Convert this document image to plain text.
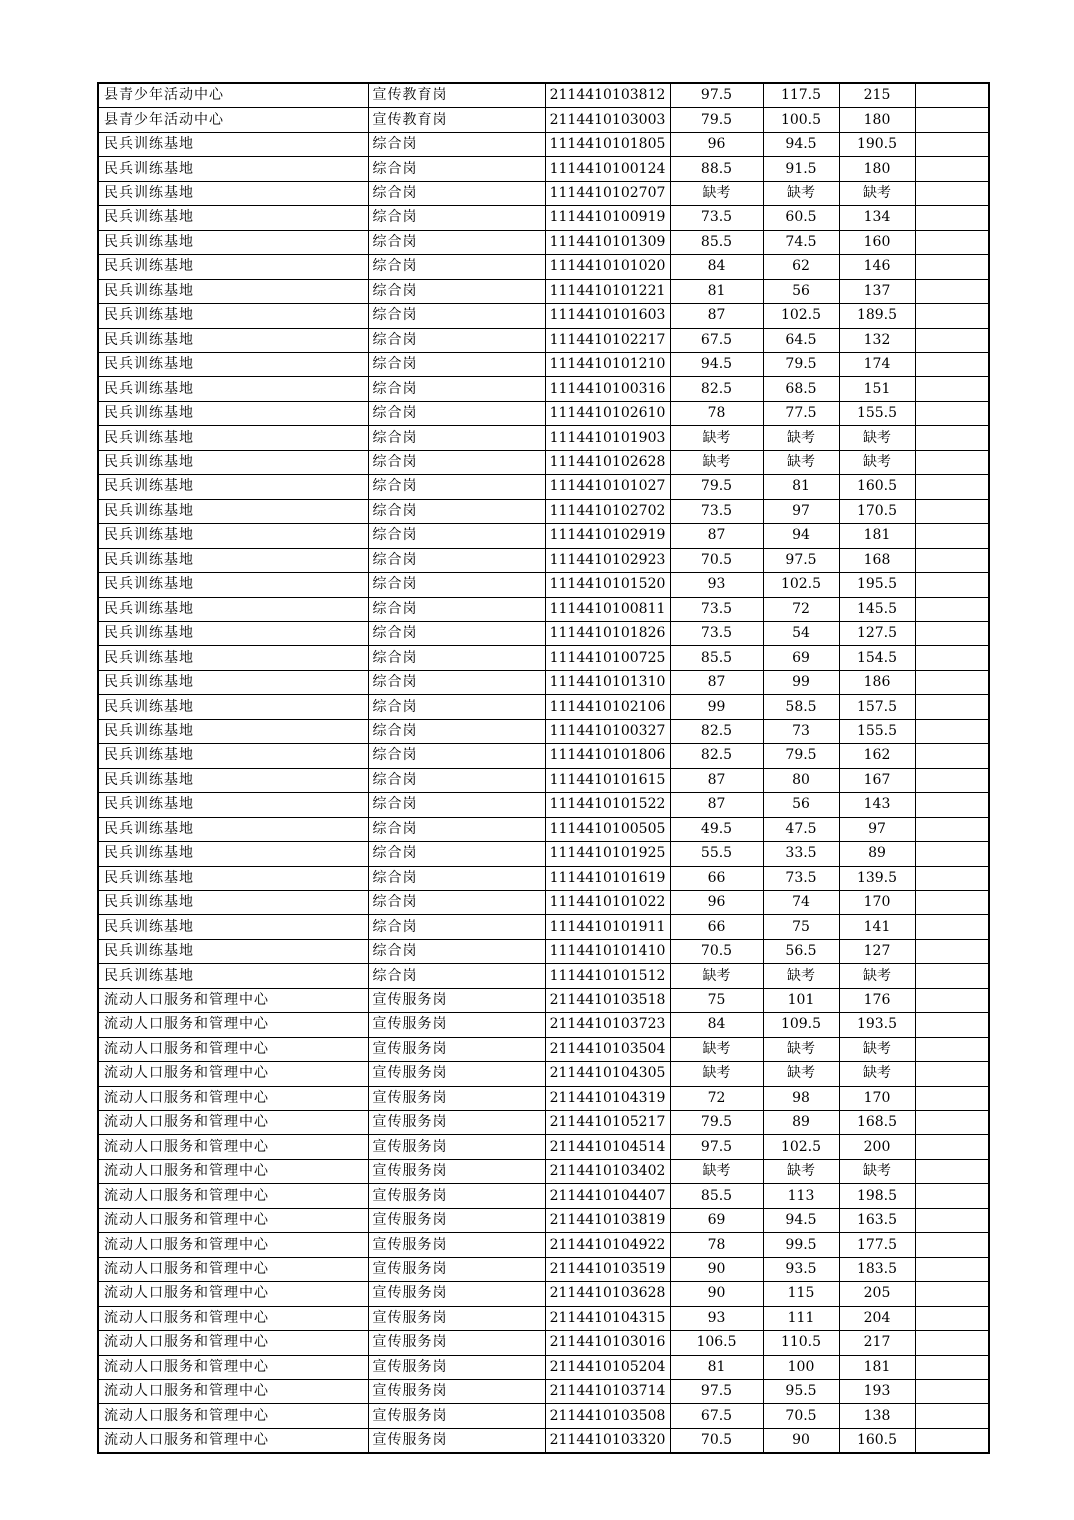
县青少年活动中心	宣传教育岗	2114410103812	97.5	117.5	215	
县青少年活动中心	宣传教育岗	2114410103003	79.5	100.5	180	
民兵训练基地	综合岗	1114410101805	96	94.5	190.5	
民兵训练基地	综合岗	1114410100124	88.5	91.5	180	
民兵训练基地	综合岗	1114410102707	缺考	缺考	缺考	
民兵训练基地	综合岗	1114410100919	73.5	60.5	134	
民兵训练基地	综合岗	1114410101309	85.5	74.5	160	
民兵训练基地	综合岗	1114410101020	84	62	146	
民兵训练基地	综合岗	1114410101221	81	56	137	
民兵训练基地	综合岗	1114410101603	87	102.5	189.5	
民兵训练基地	综合岗	1114410102217	67.5	64.5	132	
民兵训练基地	综合岗	1114410101210	94.5	79.5	174	
民兵训练基地	综合岗	1114410100316	82.5	68.5	151	
民兵训练基地	综合岗	1114410102610	78	77.5	155.5	
民兵训练基地	综合岗	1114410101903	缺考	缺考	缺考	
民兵训练基地	综合岗	1114410102628	缺考	缺考	缺考	
民兵训练基地	综合岗	1114410101027	79.5	81	160.5	
民兵训练基地	综合岗	1114410102702	73.5	97	170.5	
民兵训练基地	综合岗	1114410102919	87	94	181	
民兵训练基地	综合岗	1114410102923	70.5	97.5	168	
民兵训练基地	综合岗	1114410101520	93	102.5	195.5	
民兵训练基地	综合岗	1114410100811	73.5	72	145.5	
民兵训练基地	综合岗	1114410101826	73.5	54	127.5	
民兵训练基地	综合岗	1114410100725	85.5	69	154.5	
民兵训练基地	综合岗	1114410101310	87	99	186	
民兵训练基地	综合岗	1114410102106	99	58.5	157.5	
民兵训练基地	综合岗	1114410100327	82.5	73	155.5	
民兵训练基地	综合岗	1114410101806	82.5	79.5	162	
民兵训练基地	综合岗	1114410101615	87	80	167	
民兵训练基地	综合岗	1114410101522	87	56	143	
民兵训练基地	综合岗	1114410100505	49.5	47.5	97	
民兵训练基地	综合岗	1114410101925	55.5	33.5	89	
民兵训练基地	综合岗	1114410101619	66	73.5	139.5	
民兵训练基地	综合岗	1114410101022	96	74	170	
民兵训练基地	综合岗	1114410101911	66	75	141	
民兵训练基地	综合岗	1114410101410	70.5	56.5	127	
民兵训练基地	综合岗	1114410101512	缺考	缺考	缺考	
流动人口服务和管理中心	宣传服务岗	2114410103518	75	101	176	
流动人口服务和管理中心	宣传服务岗	2114410103723	84	109.5	193.5	
流动人口服务和管理中心	宣传服务岗	2114410103504	缺考	缺考	缺考	
流动人口服务和管理中心	宣传服务岗	2114410104305	缺考	缺考	缺考	
流动人口服务和管理中心	宣传服务岗	2114410104319	72	98	170	
流动人口服务和管理中心	宣传服务岗	2114410105217	79.5	89	168.5	
流动人口服务和管理中心	宣传服务岗	2114410104514	97.5	102.5	200	
流动人口服务和管理中心	宣传服务岗	2114410103402	缺考	缺考	缺考	
流动人口服务和管理中心	宣传服务岗	2114410104407	85.5	113	198.5	
流动人口服务和管理中心	宣传服务岗	2114410103819	69	94.5	163.5	
流动人口服务和管理中心	宣传服务岗	2114410104922	78	99.5	177.5	
流动人口服务和管理中心	宣传服务岗	2114410103519	90	93.5	183.5	
流动人口服务和管理中心	宣传服务岗	2114410103628	90	115	205	
流动人口服务和管理中心	宣传服务岗	2114410104315	93	111	204	
流动人口服务和管理中心	宣传服务岗	2114410103016	106.5	110.5	217	
流动人口服务和管理中心	宣传服务岗	2114410105204	81	100	181	
流动人口服务和管理中心	宣传服务岗	2114410103714	97.5	95.5	193	
流动人口服务和管理中心	宣传服务岗	2114410103508	67.5	70.5	138	
流动人口服务和管理中心	宣传服务岗	2114410103320	70.5	90	160.5	
